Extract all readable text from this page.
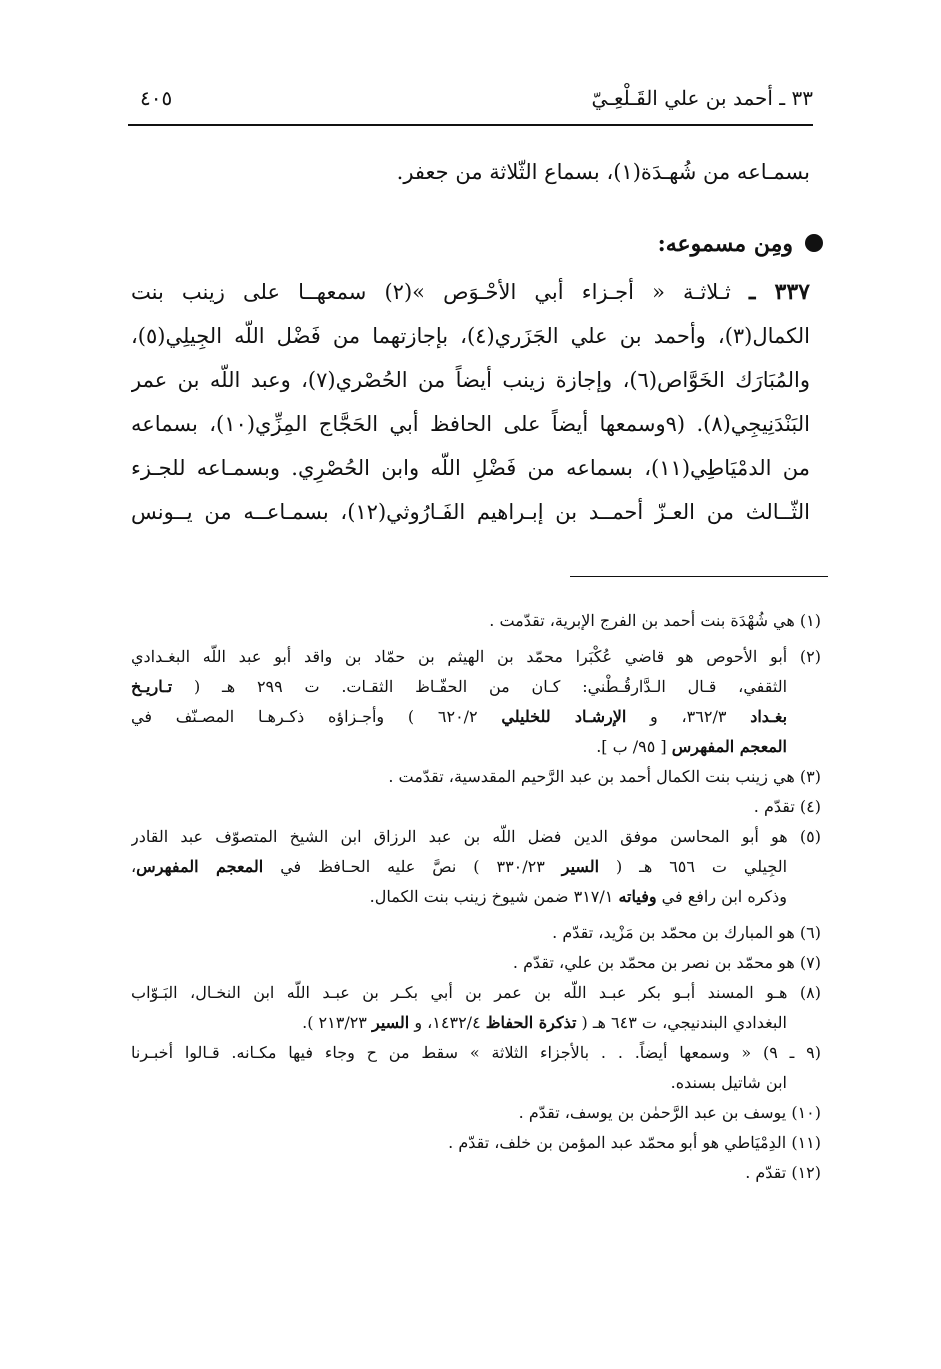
٣٣ ـ أحمد بن علي القَـلْعِـيّ
٤٠٥
بسمـاعه من شُهـدَة(١)، بسماع الثّلاثة من جعفر.
ومِن مسموعه:
٣٣٧ ـ ثـلاثـة « أجـزاء أبي الأحْـوَص »(٢) سمعهــا على زينب بنت
الكمال(٣)، وأحمد بن علي الجَزَري(٤)، بإجازتهما من فَضْل اللّه الجِيلِي(٥)،
والمُبَارَك الخَوَّاص(٦)، وإجازة زينب أيضاً من الحُصْري(٧)، وعبد اللّه بن عمر
البَنْدَنِيجِي(٨). (٩وسمعها أيضاً على الحافظ أبي الحَجَّاج المِزِّي(١٠)، بسماعه
من الدمْيَاطِي(١١)، بسماعه من فَضْلِ اللّه وابن الحُصْرِي. وبسمـاعه للجـزء
الثّــالث من العـزّ أحمــد بن إبـراهيم الفَـارُوثي(١٢)، بسمـاعــه من يــونس
(١) هي شُهْدَة بنت أحمد بن الفرج الإبرية، تقدّمت .
(٢) أبو الأحوص هو قاضي عُكْبَرا محمّد بن الهيثم بن حمّاد بن واقد أبو عبد اللّه البغـدادي
الثقفي، قـال الـدَّارقُـطْني: كـان من الحفّـاظ الثقـات. ت ٢٩٩ هـ ( تـاريـخ
بغـداد ٣٦٢/٣، و الإرشـاد للخليلي ٦٢٠/٢ ) وأجـزاؤه ذكـرهـا المصـنّف في
المعجم المفهرس [ ٩٥/ ب ].
(٣) هي زينب بنت الكمال أحمد بن عبد الرَّحيم المقدسية، تقدّمت .
(٤) تقدّم .
(٥) هو أبو المحاسن موفق الدين فضل اللّه بن عبد الرزاق ابن الشيخ المتصوّف عبد القادر
الجِيلي ت ٦٥٦ هـ ( السير ٣٣٠/٢٣ ) نصَّ عليه الحـافظ في المعجم المفهرس،
وذكره ابن رافع في وفياته ٣١٧/١ ضمن شيوخ زينب بنت الكمال.
(٦) هو المبارك بن محمّد بن مَزْيد، تقدّم .
(٧) هو محمّد بن نصر بن محمّد بن علي، تقدّم .
(٨) هـو المسند أبـو بكر عبـد اللّه بن عمر بن أبي بكـر بن عبـد اللّه ابن النخـال، البَـوّاب
البغدادي البندنيجي، ت ٦٤٣ هـ ( تذكرة الحفاظ ١٤٣٢/٤، و السير ٢١٣/٢٣ ).
(٩ ـ ٩) « وسمعها أيضاً. . . بالأجزاء الثلاثة » سقط من ح وجاء فيها مكـانه. قـالوا أخبـرنا
ابن شاتيل بسنده.
(١٠) يوسف بن عبد الرَّحمٰن بن يوسف، تقدّم .
(١١) الدِمْيَاطي هو أبو محمّد عبد المؤمن بن خلف، تقدّم .
(١٢) تقدّم .
